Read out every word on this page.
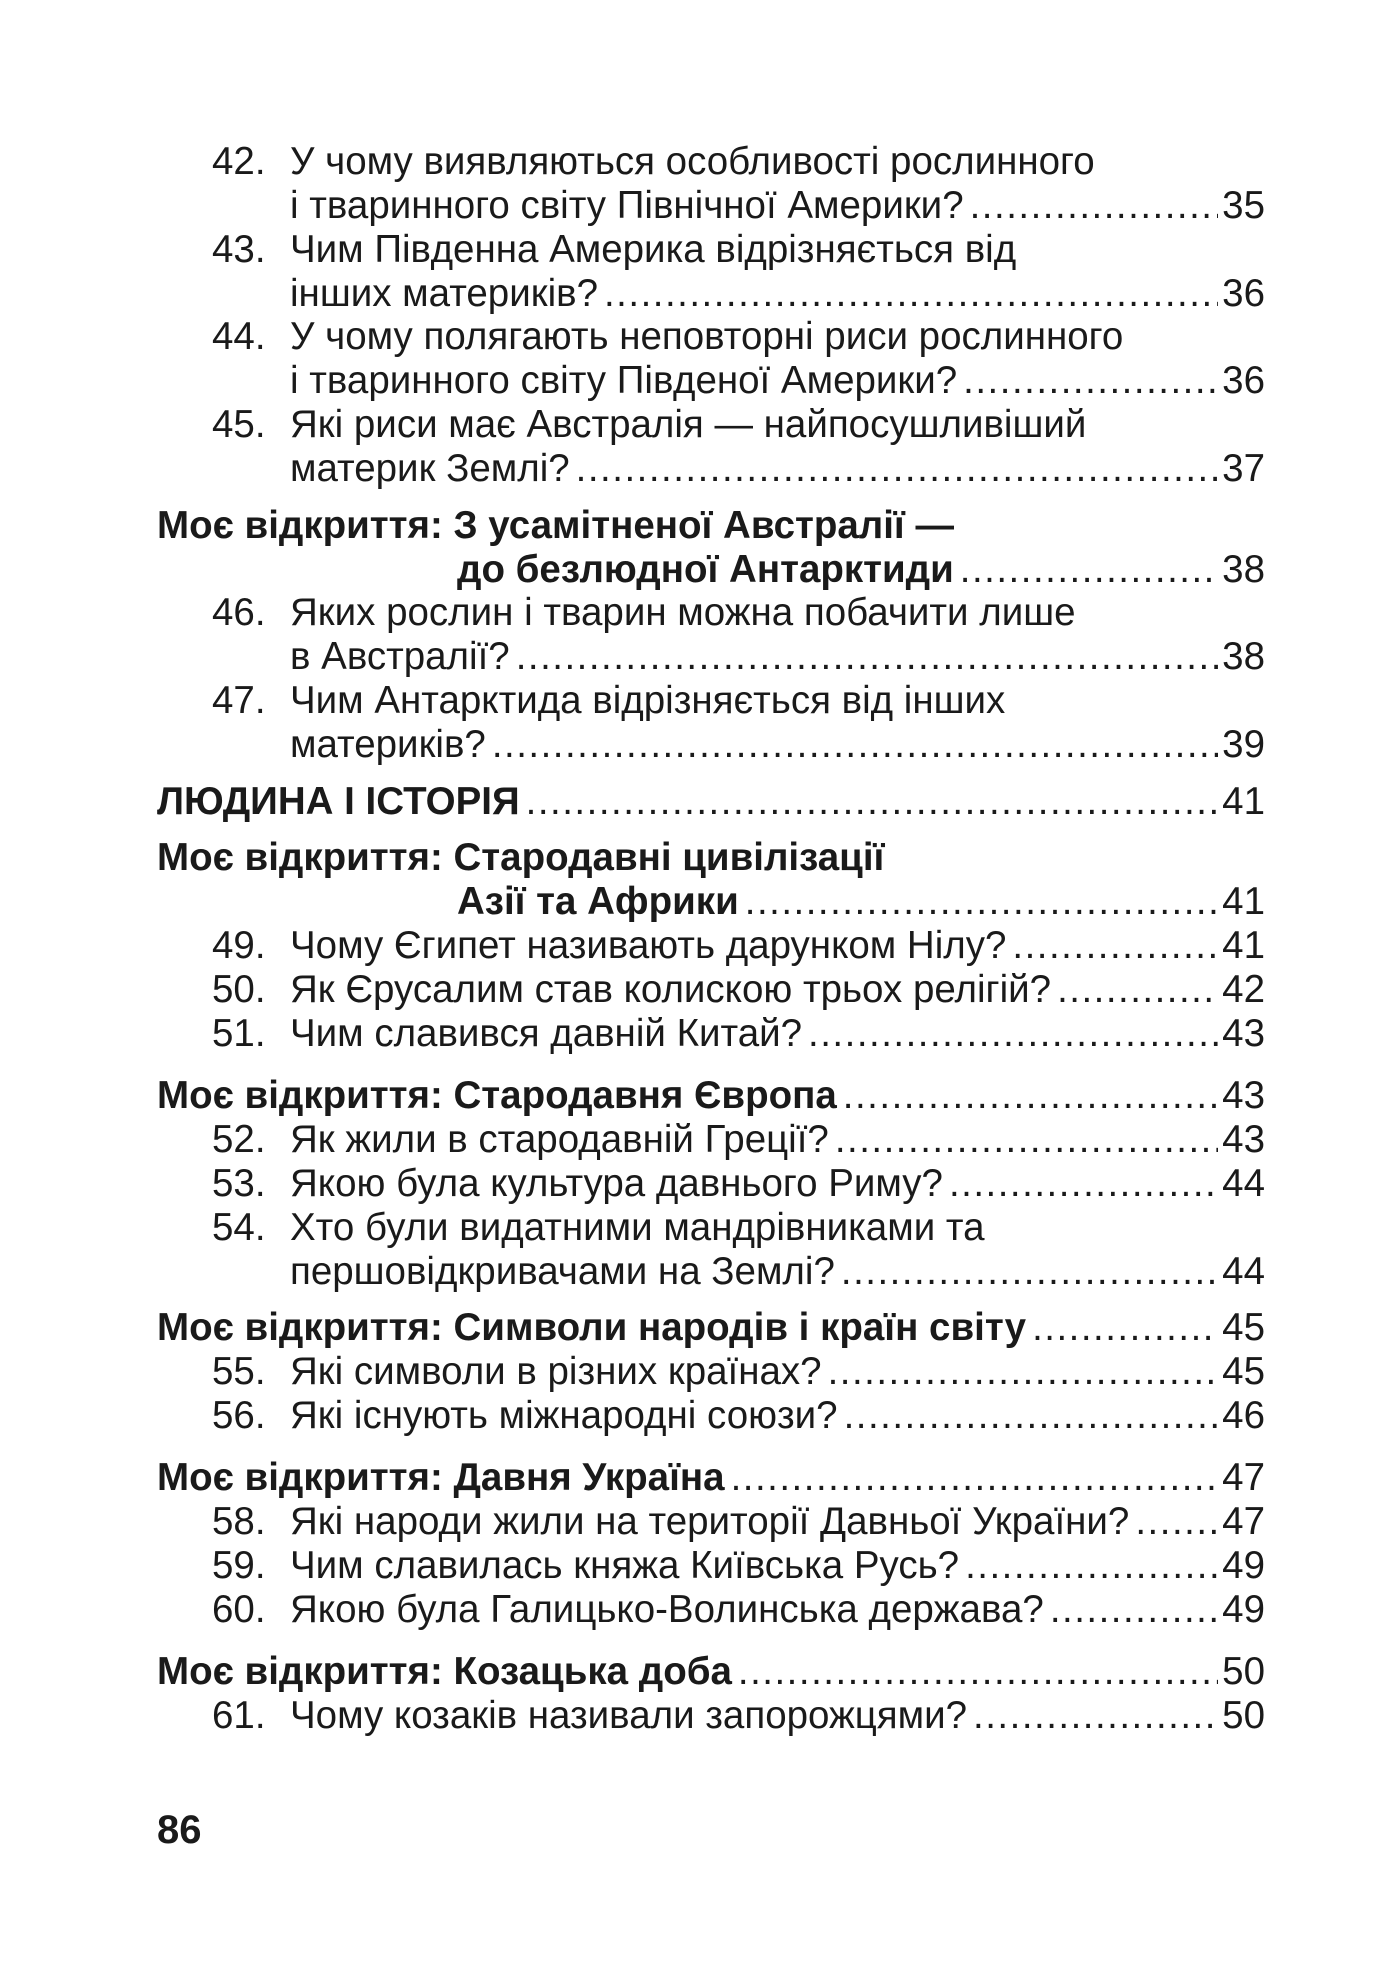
42. У чому виявляються особливості рослинного
і тваринного світу Північної Америки? . . .	35
43. Чим Південна Америка відрізняється від
інших материків? . . .	36
44. У чому полягають неповторні риси рослинного
і тваринного світу Південої Америки? . . .	36
45. Які риси має Австралія — найпосушливіший
материк Землі? . . .	37
Моє відкриття: З усамітненої Австралії —
до безлюдної Антарктиди . . .	38
46. Яких рослин і тварин можна побачити лише
в Австралії? . . .	38
47. Чим Антарктида відрізняється від інших
материків? . . .	39
ЛЮДИНА І ІСТОРІЯ . . .	41
Моє відкриття: Стародавні цивілізації
Азії та Африки . . .	41
49. Чому Єгипет називають дарунком Нілу? . . .	41
50. Як Єрусалим став колискою трьох релігій? . . .	42
51. Чим славився давній Китай? . . .	43
Моє відкриття: Стародавня Європа . . .	43
52. Як жили в стародавній Греції? . . .	43
53. Якою була культура давнього Риму? . . .	44
54. Хто були видатними мандрівниками та
першовідкривачами на Землі? . . .	44
Моє відкриття: Символи народів і країн світу . . .	45
55. Які символи в різних країнах? . . .	45
56. Які існують міжнародні союзи? . . .	46
Моє відкриття: Давня Україна . . .	47
58. Які народи жили на території Давньої України? . . . 47
59. Чим славилась княжа Київська Русь? . . .	49
60. Якою була Галицько-Волинська держава? . . .	49
Моє відкриття: Козацька доба . . .	50
61. Чому козаків називали запорожцями? . . .	50
86
